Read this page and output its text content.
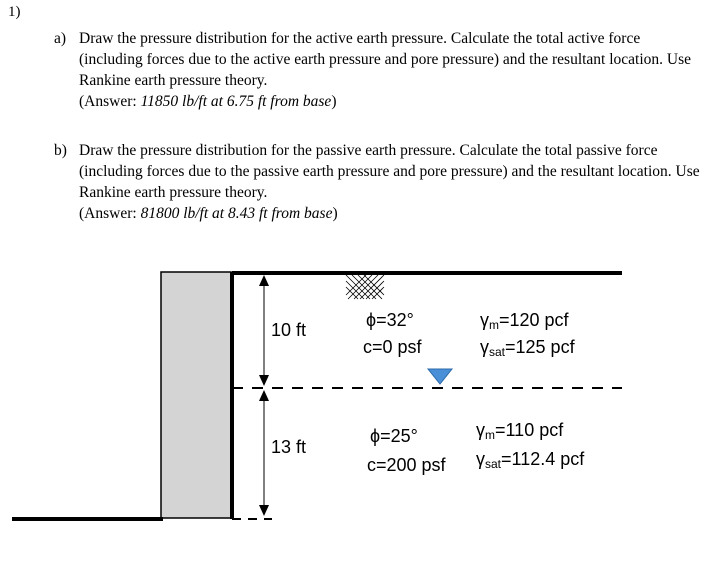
1)
a) Draw the pressure distribution for the active earth pressure. Calculate the total active force (including forces due to the active earth pressure and pore pressure) and the resultant location. Use Rankine earth pressure theory.
(Answer: 11850 lb/ft at 6.75 ft from base)
b) Draw the pressure distribution for the passive earth pressure. Calculate the total passive force (including forces due to the passive earth pressure and pore pressure) and the resultant location. Use Rankine earth pressure theory.
(Answer: 81800 lb/ft at 8.43 ft from base)
10 ft
13 ft
ϕ=32°
c=0 psf
$\gamma_m=120$ pcf
$\gamma_{sat}=125$ pcf
ϕ=25°
c=200 psf
$\gamma_m=110$ pcf
$\gamma_{sat}=112.4$ pcf
